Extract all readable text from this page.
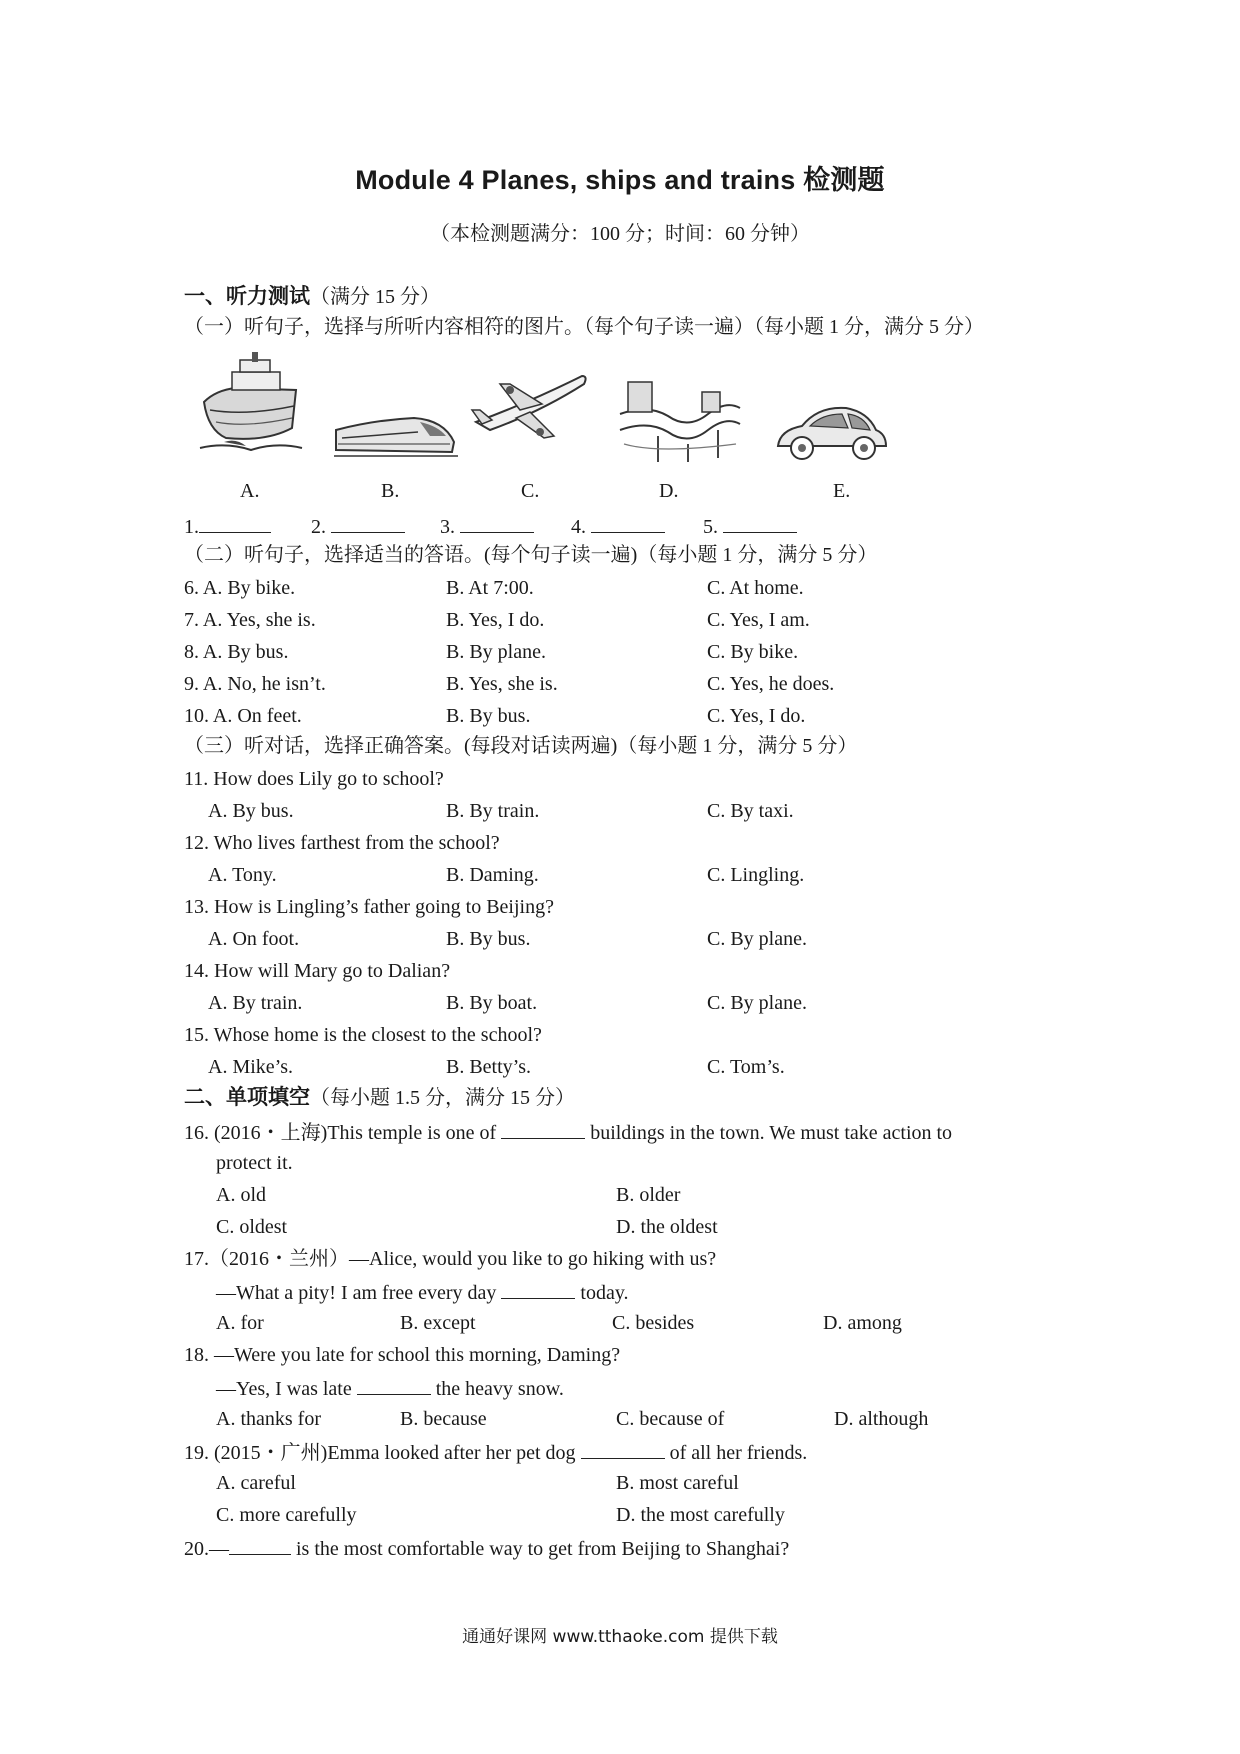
Module 4 Planes, ships and trains 检测题
（本检测题满分：100 分；时间：60 分钟）
一、听力测试（满分 15 分）
（一）听句子，选择与所听内容相符的图片。（每个句子读一遍）（每小题 1 分，满分 5 分）
A.	B.	C.	D.	E.
1.	2.	3.	4.	5.
（二）听句子，选择适当的答语。(每个句子读一遍)（每小题 1 分，满分 5 分）
6. A. By bike.	B. At 7:00.	C. At home.
7. A. Yes, she is.	B. Yes, I do.	C. Yes, I am.
8. A. By bus.	B. By plane.	C. By bike.
9. A. No, he isn’t.	B. Yes, she is.	C. Yes, he does.
10. A. On feet.	B. By bus.	C. Yes, I do.
（三）听对话，选择正确答案。(每段对话读两遍)（每小题 1 分，满分 5 分）
11. How does Lily go to school?
A. By bus.	B. By train.	C. By taxi.
12. Who lives farthest from the school?
A. Tony.	B. Daming.	C. Lingling.
13. How is Lingling’s father going to Beijing?
A. On foot.	B. By bus.	C. By plane.
14. How will Mary go to Dalian?
A. By train.	B. By boat.	C. By plane.
15. Whose home is the closest to the school?
A. Mike’s.	B. Betty’s.	C. Tom’s.
二、单项填空（每小题 1.5 分，满分 15 分）
16. (2016・上海)This temple is one of	buildings in the town. We must take action to
protect it.
A. old	B. older
C. oldest	D. the oldest
17.（2016・兰州）—Alice, would you like to go hiking with us?
—What a pity! I am free every day	today.
A. for	B. except	C. besides	D. among
18. —Were you late for school this morning, Daming?
—Yes, I was late	the heavy snow.
A. thanks for	B. because	C. because of	D. although
19. (2015・广州)Emma looked after her pet dog	of all her friends.
A. careful	B. most careful
C. more carefully	D. the most carefully
20.—	is the most comfortable way to get from Beijing to Shanghai?
通通好课网 www.tthaoke.com 提供下载
